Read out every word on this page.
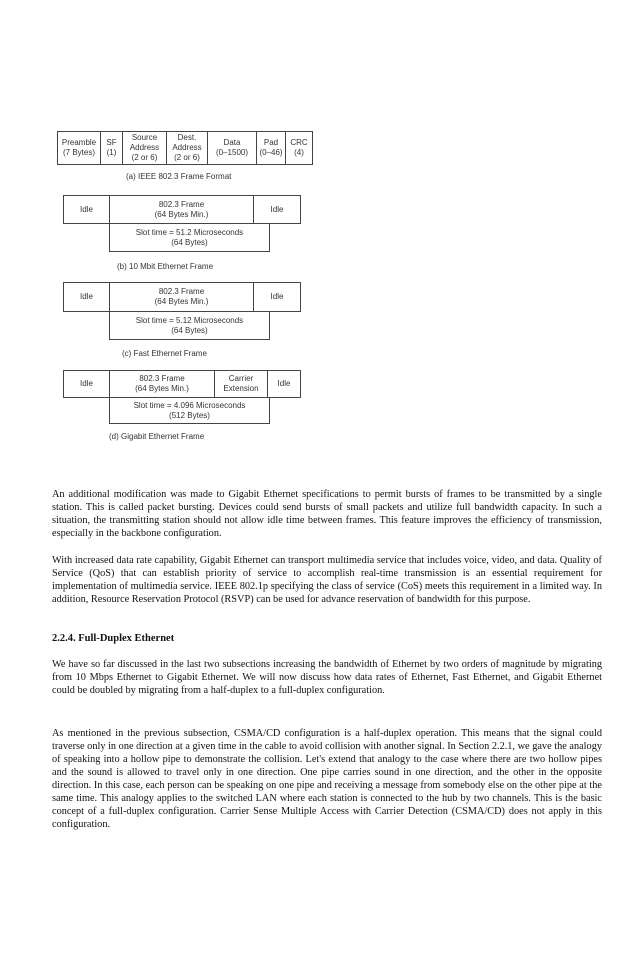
Preamble
(7 Bytes)
SF
(1)
Source
Address
(2 or 6)
Dest.
Address
(2 or 6)
Data
(0–1500)
Pad
(0–46)
CRC
(4)
(a) IEEE 802.3 Frame Format
Idle
802.3 Frame
(64 Bytes Min.)
Idle
Slot time = 51.2 Microseconds
(64 Bytes)
(b) 10 Mbit Ethernet Frame
Idle
802.3 Frame
(64 Bytes Min.)
Idle
Slot time = 5.12 Microseconds
(64 Bytes)
(c) Fast Ethernet Frame
Idle
802.3 Frame
(64 Bytes Min.)
Carrier
Extension
Idle
Slot time = 4.096 Microseconds
(512 Bytes)
(d) Gigabit Ethernet Frame

An additional modification was made to Gigabit Ethernet specifications to permit bursts of frames to be transmitted by a single station. This is called packet bursting. Devices could send bursts of small packets and utilize full bandwidth capacity. In such a situation, the transmitting station should not allow idle time between frames. This feature improves the efficiency of transmission, especially in the backbone configuration.

With increased data rate capability, Gigabit Ethernet can transport multimedia service that includes voice, video, and data. Quality of Service (QoS) that can establish priority of service to accomplish real-time transmission is an essential requirement for implementation of multimedia service. IEEE 802.1p specifying the class of service (CoS) meets this requirement in a limited way. In addition, Resource Reservation Protocol (RSVP) can be used for advance reservation of bandwidth for this purpose.

2.2.4. Full-Duplex Ethernet

We have so far discussed in the last two subsections increasing the bandwidth of Ethernet by two orders of magnitude by migrating from 10 Mbps Ethernet to Gigabit Ethernet. We will now discuss how data rates of Ethernet, Fast Ethernet, and Gigabit Ethernet could be doubled by migrating from a half-duplex to a full-duplex configuration.

As mentioned in the previous subsection, CSMA/CD configuration is a half-duplex operation. This means that the signal could traverse only in one direction at a given time in the cable to avoid collision with another signal. In Section 2.2.1, we gave the analogy of speaking into a hollow pipe to demonstrate the collision. Let's extend that analogy to the case where there are two hollow pipes and the sound is allowed to travel only in one direction. One pipe carries sound in one direction, and the other in the opposite direction. In this case, each person can be speaking on one pipe and receiving a message from somebody else on the other pipe at the same time. This analogy applies to the switched LAN where each station is connected to the hub by two channels. This is the basic concept of a full-duplex configuration. Carrier Sense Multiple Access with Carrier Detection (CSMA/CD) does not apply in this configuration.
